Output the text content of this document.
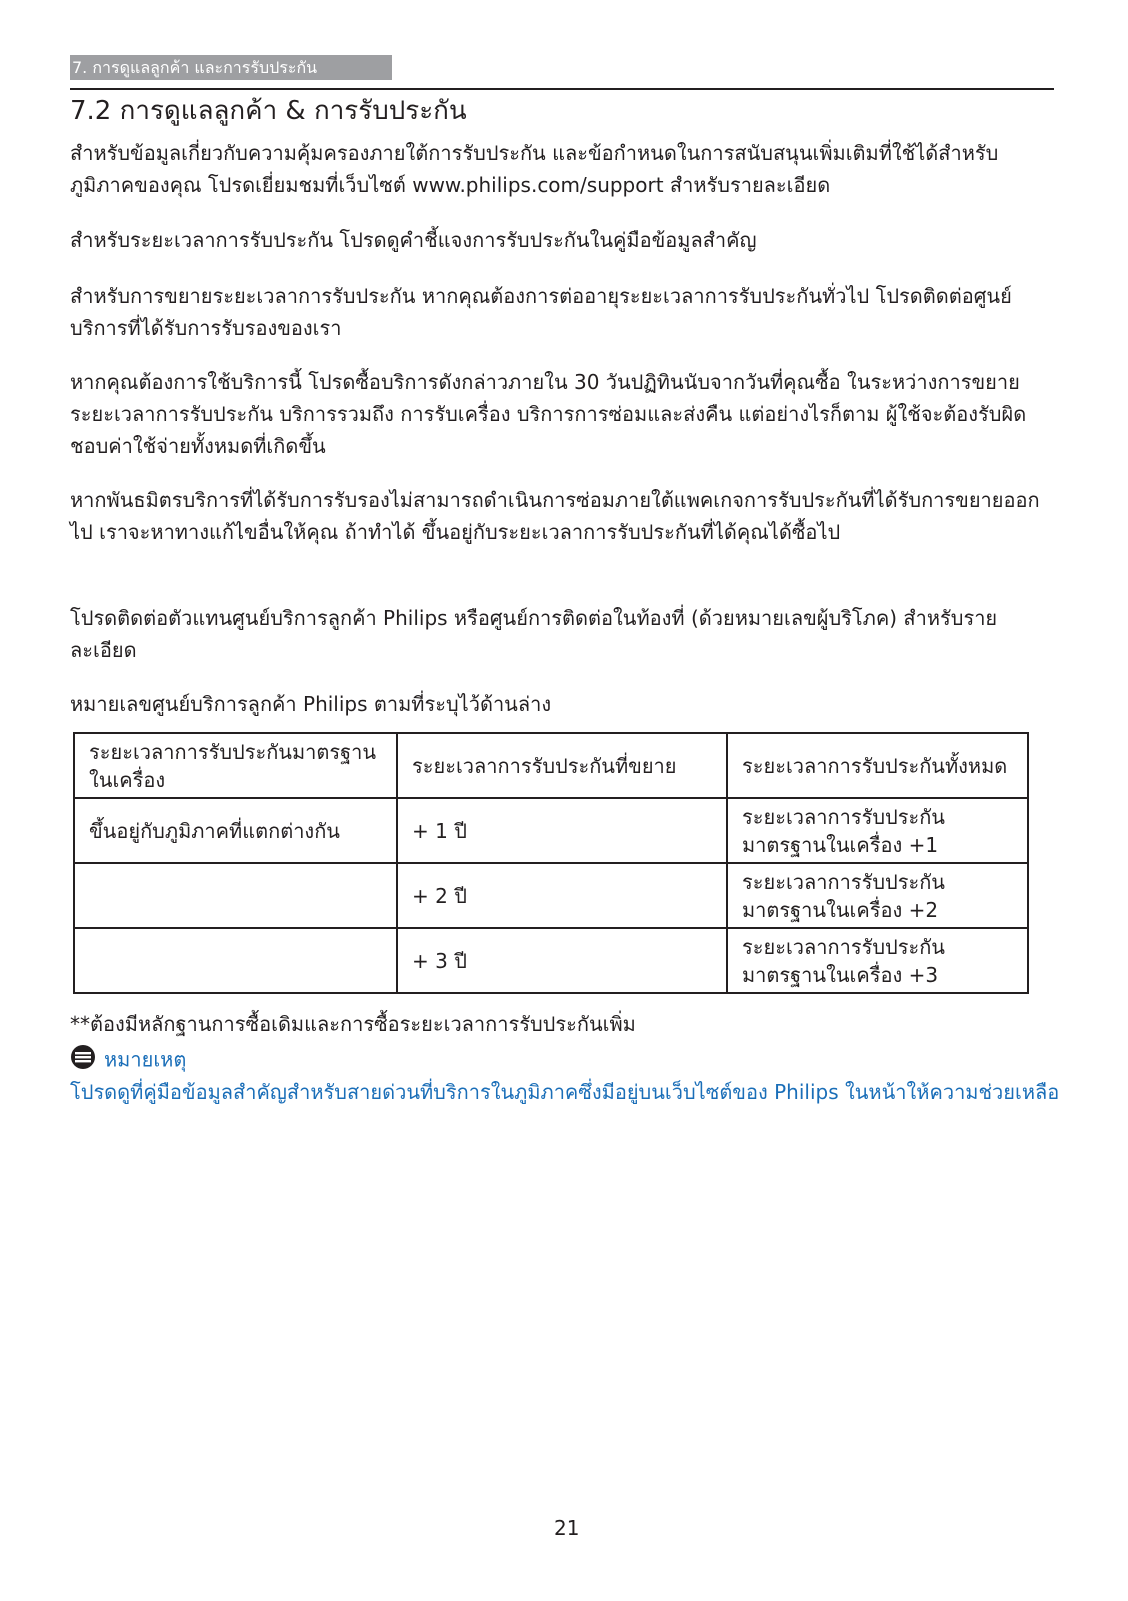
7. การดูแลลูกค้า และการรับประกัน
7.2 การดูแลลูกค้า & การรับประกัน

สำหรับข้อมูลเกี่ยวกับความคุ้มครองภายใต้การรับประกัน และข้อกำหนดในการสนับสนุนเพิ่มเติมที่ใช้ได้สำหรับภูมิภาคของคุณ โปรดเยี่ยมชมที่เว็บไซต์ www.philips.com/support สำหรับรายละเอียด

สำหรับระยะเวลาการรับประกัน โปรดดูคำชี้แจงการรับประกันในคู่มือข้อมูลสำคัญ

สำหรับการขยายระยะเวลาการรับประกัน หากคุณต้องการต่ออายุระยะเวลาการรับประกันทั่วไป โปรดติดต่อศูนย์บริการที่ได้รับการรับรองของเรา

หากคุณต้องการใช้บริการนี้ โปรดซื้อบริการดังกล่าวภายใน 30 วันปฏิทินนับจากวันที่คุณซื้อ ในระหว่างการขยายระยะเวลาการรับประกัน บริการรวมถึง การรับเครื่อง บริการการซ่อมและส่งคืน แต่อย่างไรก็ตาม ผู้ใช้จะต้องรับผิดชอบค่าใช้จ่ายทั้งหมดที่เกิดขึ้น

หากพันธมิตรบริการที่ได้รับการรับรองไม่สามารถดำเนินการซ่อมภายใต้แพคเกจการรับประกันที่ได้รับการขยายออกไป เราจะหาทางแก้ไขอื่นให้คุณ ถ้าทำได้ ขึ้นอยู่กับระยะเวลาการรับประกันที่ได้คุณได้ซื้อไป

โปรดติดต่อตัวแทนศูนย์บริการลูกค้า Philips หรือศูนย์การติดต่อในท้องที่ (ด้วยหมายเลขผู้บริโภค) สำหรับรายละเอียด

หมายเลขศูนย์บริการลูกค้า Philips ตามที่ระบุไว้ด้านล่าง

ระยะเวลาการรับประกันมาตรฐานในเครื่อง	ระยะเวลาการรับประกันที่ขยาย	ระยะเวลาการรับประกันทั้งหมด
ขึ้นอยู่กับภูมิภาคที่แตกต่างกัน	+ 1 ปี	ระยะเวลาการรับประกันมาตรฐานในเครื่อง +1
	+ 2 ปี	ระยะเวลาการรับประกันมาตรฐานในเครื่อง +2
	+ 3 ปี	ระยะเวลาการรับประกันมาตรฐานในเครื่อง +3

**ต้องมีหลักฐานการซื้อเดิมและการซื้อระยะเวลาการรับประกันเพิ่ม

หมายเหตุ

โปรดดูที่คู่มือข้อมูลสำคัญสำหรับสายด่วนที่บริการในภูมิภาคซึ่งมีอยู่บนเว็บไซต์ของ Philips ในหน้าให้ความช่วยเหลือ

21
